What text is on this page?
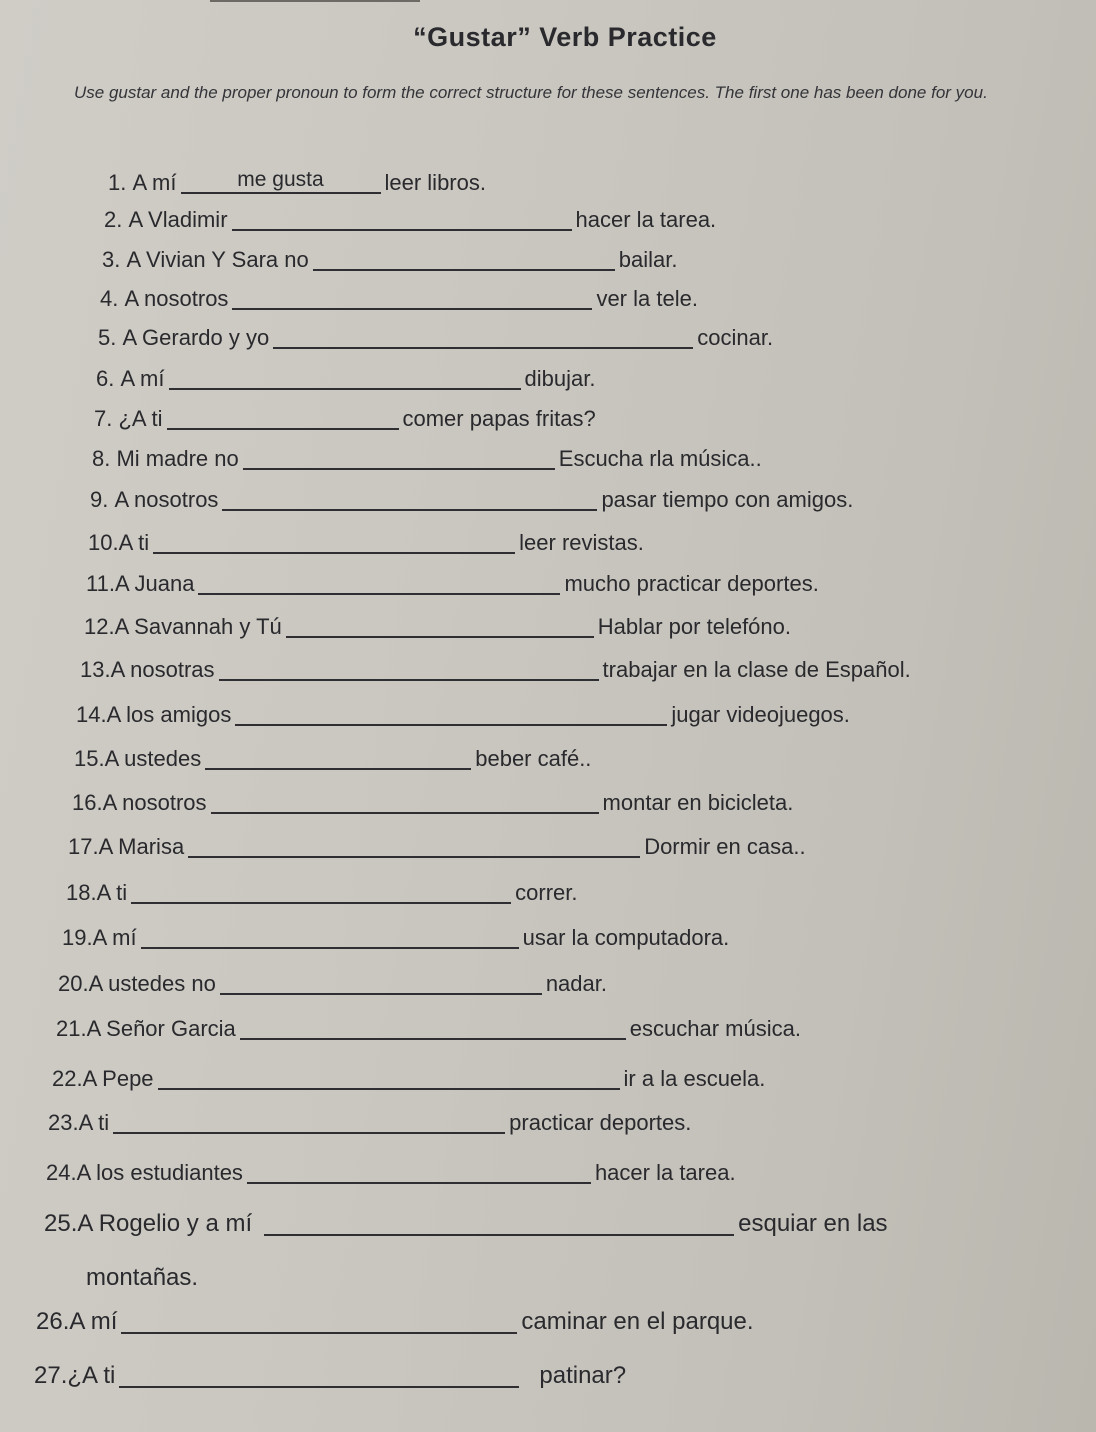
“Gustar” Verb Practice
Use gustar and the proper pronoun to form the correct structure for these sentences. The first one has been done for you.
1.
A mí	me gusta	leer libros.
2.
A Vladimir	hacer la tarea.
3.
A Vivian Y Sara no	bailar.
4.
A nosotros	ver la tele.
5.
A Gerardo y yo	cocinar.
6.
A mí	dibujar.
7.
¿A ti	comer papas fritas?
8.
Mi madre no	Escucha rla música..
9.
A nosotros	pasar tiempo con amigos.
10. A ti	leer revistas.
11. A Juana	mucho practicar deportes.
12. A Savannah y Tú	Hablar por telefóno.
13. A nosotras	trabajar en la clase de Español.
14. A los amigos	jugar videojuegos.
15. A ustedes	beber café..
16. A nosotros	montar en bicicleta.
17. A Marisa	Dormir en casa..
18. A ti	correr.
19. A mí	usar la computadora.
20. A ustedes no	nadar.
21. A Señor Garcia	escuchar música.
22. A Pepe	ir a la escuela.
23. A ti	practicar deportes.
24. A los estudiantes	hacer la tarea.
25. A Rogelio y a mí	esquiar en las
montañas.
26. A mí	caminar en el parque.
27. ¿A ti	patinar?
